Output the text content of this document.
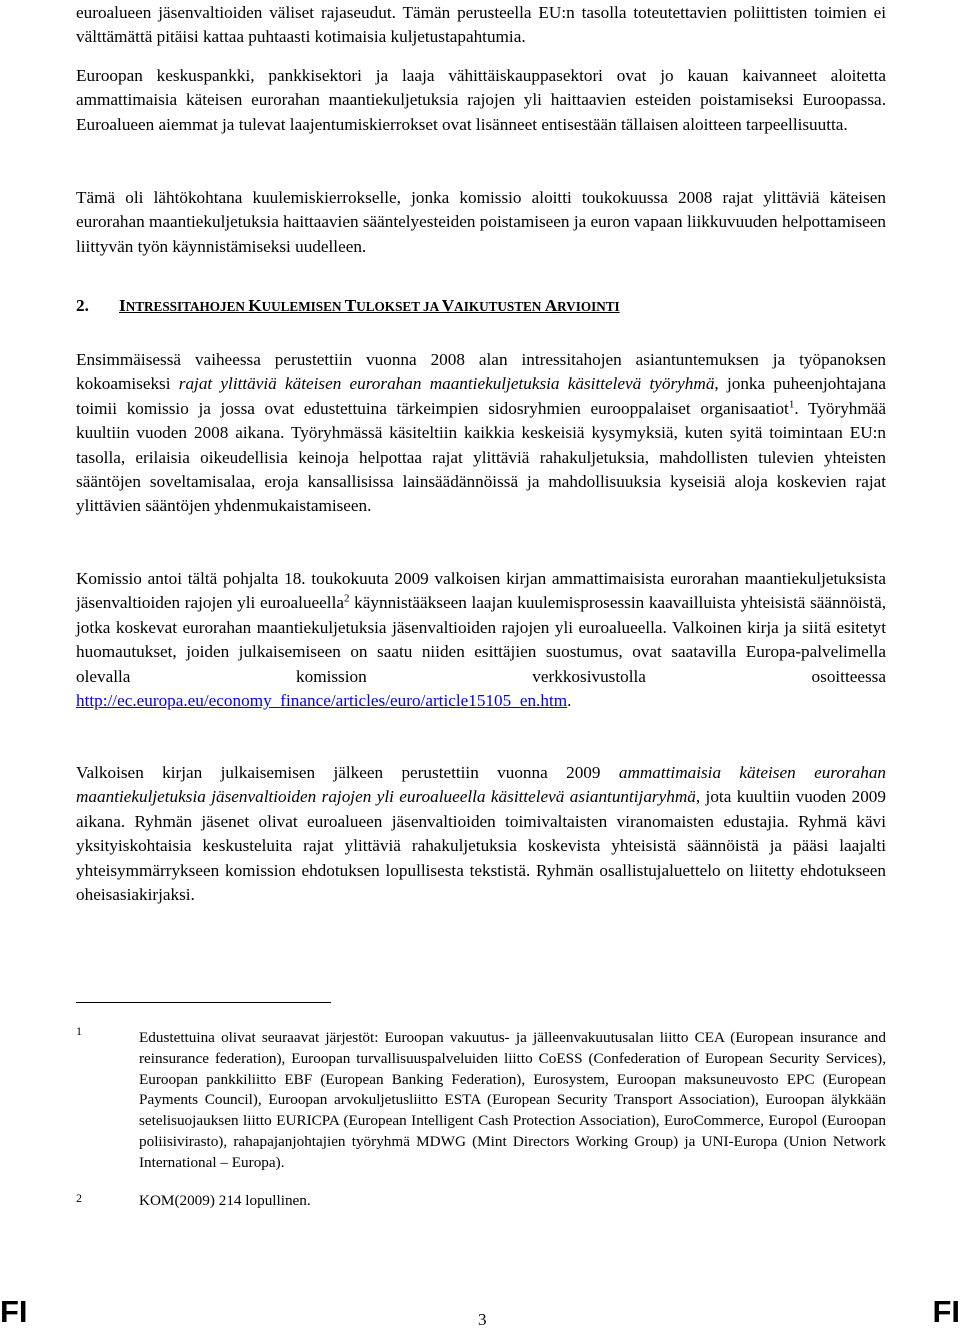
euroalueen jäsenvaltioiden väliset rajaseudut. Tämän perusteella EU:n tasolla toteutettavien poliittisten toimien ei välttämättä pitäisi kattaa puhtaasti kotimaisia kuljetustapahtumia.

Euroopan keskuspankki, pankkisektori ja laaja vähittäiskauppasektori ovat jo kauan kaivanneet aloitetta ammattimaisia käteisen eurorahan maantiekuljetuksia rajojen yli haittaavien esteiden poistamiseksi Euroopassa. Euroalueen aiemmat ja tulevat laajentumiskierrokset ovat lisänneet entisestään tällaisen aloitteen tarpeellisuutta.

Tämä oli lähtökohtana kuulemiskierrokselle, jonka komissio aloitti toukokuussa 2008 rajat ylittäviä käteisen eurorahan maantiekuljetuksia haittaavien sääntelyesteiden poistamiseen ja euron vapaan liikkuvuuden helpottamiseen liittyvän työn käynnistämiseksi uudelleen.

2. INTRESSITAHOJEN KUULEMISEN TULOKSET JA VAIKUTUSTEN ARVIOINTI

Ensimmäisessä vaiheessa perustettiin vuonna 2008 alan intressitahojen asiantuntemuksen ja työpanoksen kokoamiseksi rajat ylittäviä käteisen eurorahan maantiekuljetuksia käsittelevä työryhmä, jonka puheenjohtajana toimii komissio ja jossa ovat edustettuina tärkeimpien sidosryhmien eurooppalaiset organisaatiot$^1$. Työryhmää kuultiin vuoden 2008 aikana. Työryhmässä käsiteltiin kaikkia keskeisiä kysymyksiä, kuten syitä toimintaan EU:n tasolla, erilaisia oikeudellisia keinoja helpottaa rajat ylittäviä rahakuljetuksia, mahdollisten tulevien yhteisten sääntöjen soveltamisalaa, eroja kansallisissa lainsäädännöissä ja mahdollisuuksia kyseisiä aloja koskevien rajat ylittävien sääntöjen yhdenmukaistamiseen.

Komissio antoi tältä pohjalta 18. toukokuuta 2009 valkoisen kirjan ammattimaisista eurorahan maantiekuljetuksista jäsenvaltioiden rajojen yli euroalueella$^2$ käynnistääkseen laajan kuulemisprosessin kaavailluista yhteisistä säännöistä, jotka koskevat eurorahan maantiekuljetuksia jäsenvaltioiden rajojen yli euroalueella. Valkoinen kirja ja siitä esitetyt huomautukset, joiden julkaisemiseen on saatu niiden esittäjien suostumus, ovat saatavilla Europa-palvelimella olevalla komission verkkosivustolla osoitteessa http://ec.europa.eu/economy_finance/articles/euro/article15105_en.htm.

Valkoisen kirjan julkaisemisen jälkeen perustettiin vuonna 2009 ammattimaisia käteisen eurorahan maantiekuljetuksia jäsenvaltioiden rajojen yli euroalueella käsittelevä asiantuntijaryhmä, jota kuultiin vuoden 2009 aikana. Ryhmän jäsenet olivat euroalueen jäsenvaltioiden toimivaltaisten viranomaisten edustajia. Ryhmä kävi yksityiskohtaisia keskusteluita rajat ylittäviä rahakuljetuksia koskevista yhteisistä säännöistä ja pääsi laajalti yhteisymmärrykseen komission ehdotuksen lopullisesta tekstistä. Ryhmän osallistujaluettelo on liitetty ehdotukseen oheisasiakirjaksi.

1	Edustettuina olivat seuraavat järjestöt: Euroopan vakuutus- ja jälleenvakuutusalan liitto CEA (European insurance and reinsurance federation), Euroopan turvallisuuspalveluiden liitto CoESS (Confederation of European Security Services), Euroopan pankkiliitto EBF (European Banking Federation), Eurosystem, Euroopan maksuneuvosto EPC (European Payments Council), Euroopan arvokuljetusliitto ESTA (European Security Transport Association), Euroopan älykkään setelisuojauksen liitto EURICPA (European Intelligent Cash Protection Association), EuroCommerce, Europol (Euroopan poliisivirasto), rahapajanjohtajien työryhmä MDWG (Mint Directors Working Group) ja UNI-Europa (Union Network International – Europa).
2	KOM(2009) 214 lopullinen.
FI	3	FI
